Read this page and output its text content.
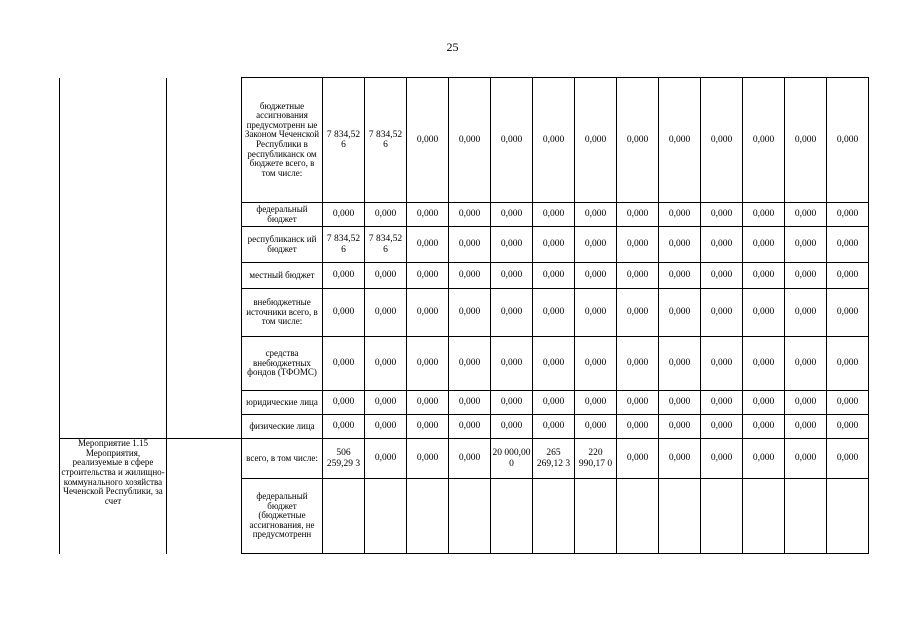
25
		бюджетные ассигнования предусмотренн ые Законом Чеченской Республики в республиканск ом бюджете всего, в том числе:	7 834,52 6	7 834,52 6	0,000	0,000	0,000	0,000	0,000	0,000	0,000	0,000	0,000	0,000	0,000
		федеральный бюджет	0,000	0,000	0,000	0,000	0,000	0,000	0,000	0,000	0,000	0,000	0,000	0,000	0,000
		республиканск ий бюджет	7 834,52 6	7 834,52 6	0,000	0,000	0,000	0,000	0,000	0,000	0,000	0,000	0,000	0,000	0,000
		местный бюджет	0,000	0,000	0,000	0,000	0,000	0,000	0,000	0,000	0,000	0,000	0,000	0,000	0,000
		внебюджетные источники всего, в том числе:	0,000	0,000	0,000	0,000	0,000	0,000	0,000	0,000	0,000	0,000	0,000	0,000	0,000
		средства внебюджетных фондов (ТФОМС)	0,000	0,000	0,000	0,000	0,000	0,000	0,000	0,000	0,000	0,000	0,000	0,000	0,000
		юридические лица	0,000	0,000	0,000	0,000	0,000	0,000	0,000	0,000	0,000	0,000	0,000	0,000	0,000
		физические лица	0,000	0,000	0,000	0,000	0,000	0,000	0,000	0,000	0,000	0,000	0,000	0,000	0,000
Мероприятие 1.15 Мероприятия, реализуемые в сфере строительства и жилищно-коммунального хозяйства Чеченской Республики, за счет		всего, в том числе:	506 259,29 3	0,000	0,000	0,000	20 000,00 0	265 269,12 3	220 990,17 0	0,000	0,000	0,000	0,000	0,000	0,000
		федеральный бюджет (бюджетные ассигнования, не предусмотренн													
